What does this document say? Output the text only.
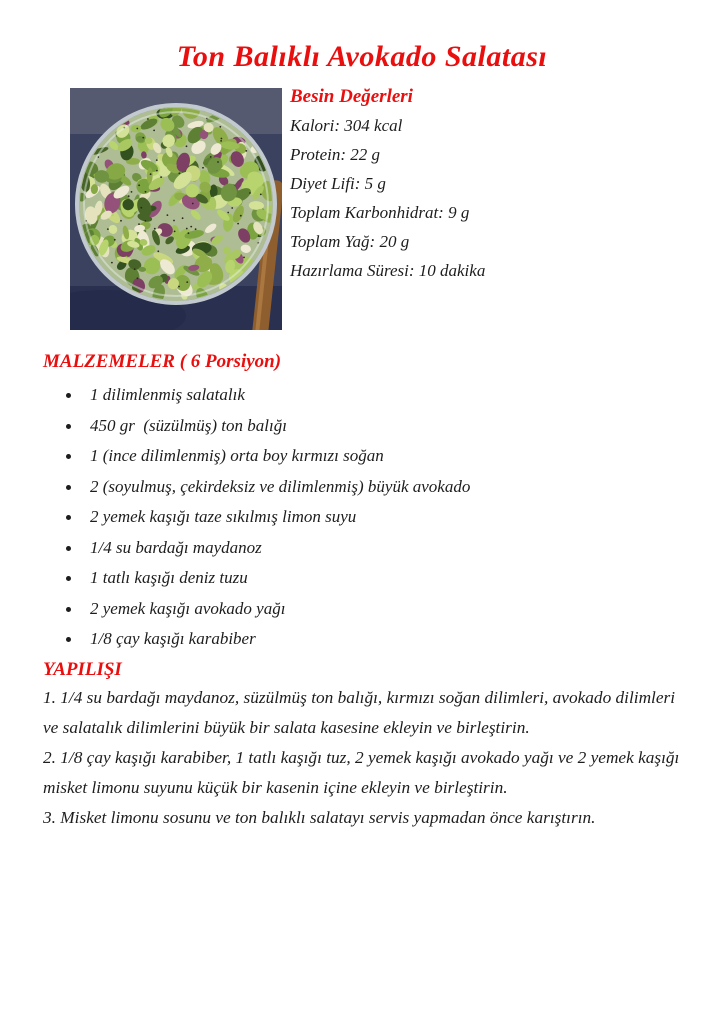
Ton Balıklı Avokado Salatası
Besin Değerleri

Kalori: 304 kcal

Protein: 22 g

Diyet Lifi: 5 g

Toplam Karbonhidrat: 9 g

Toplam Yağ: 20 g

Hazırlama Süresi: 10 dakika

MALZEMELER ( 6 Porsiyon)
1 dilimlenmiş salatalık
450 gr  (süzülmüş) ton balığı
1 (ince dilimlenmiş) orta boy kırmızı soğan
2 (soyulmuş, çekirdeksiz ve dilimlenmiş) büyük avokado
2 yemek kaşığı taze sıkılmış limon suyu
1/4 su bardağı maydanoz
1 tatlı kaşığı deniz tuzu
2 yemek kaşığı avokado yağı
1/8 çay kaşığı karabiber
YAPILIŞI

1. 1/4 su bardağı maydanoz, süzülmüş ton balığı, kırmızı soğan dilimleri, avokado dilimleri ve salatalık dilimlerini büyük bir salata kasesine ekleyin ve birleştirin.

2. 1/8 çay kaşığı karabiber, 1 tatlı kaşığı tuz, 2 yemek kaşığı avokado yağı ve 2 yemek kaşığı misket limonu suyunu küçük bir kasenin içine ekleyin ve birleştirin.

3. Misket limonu sosunu ve ton balıklı salatayı servis yapmadan önce karıştırın.
